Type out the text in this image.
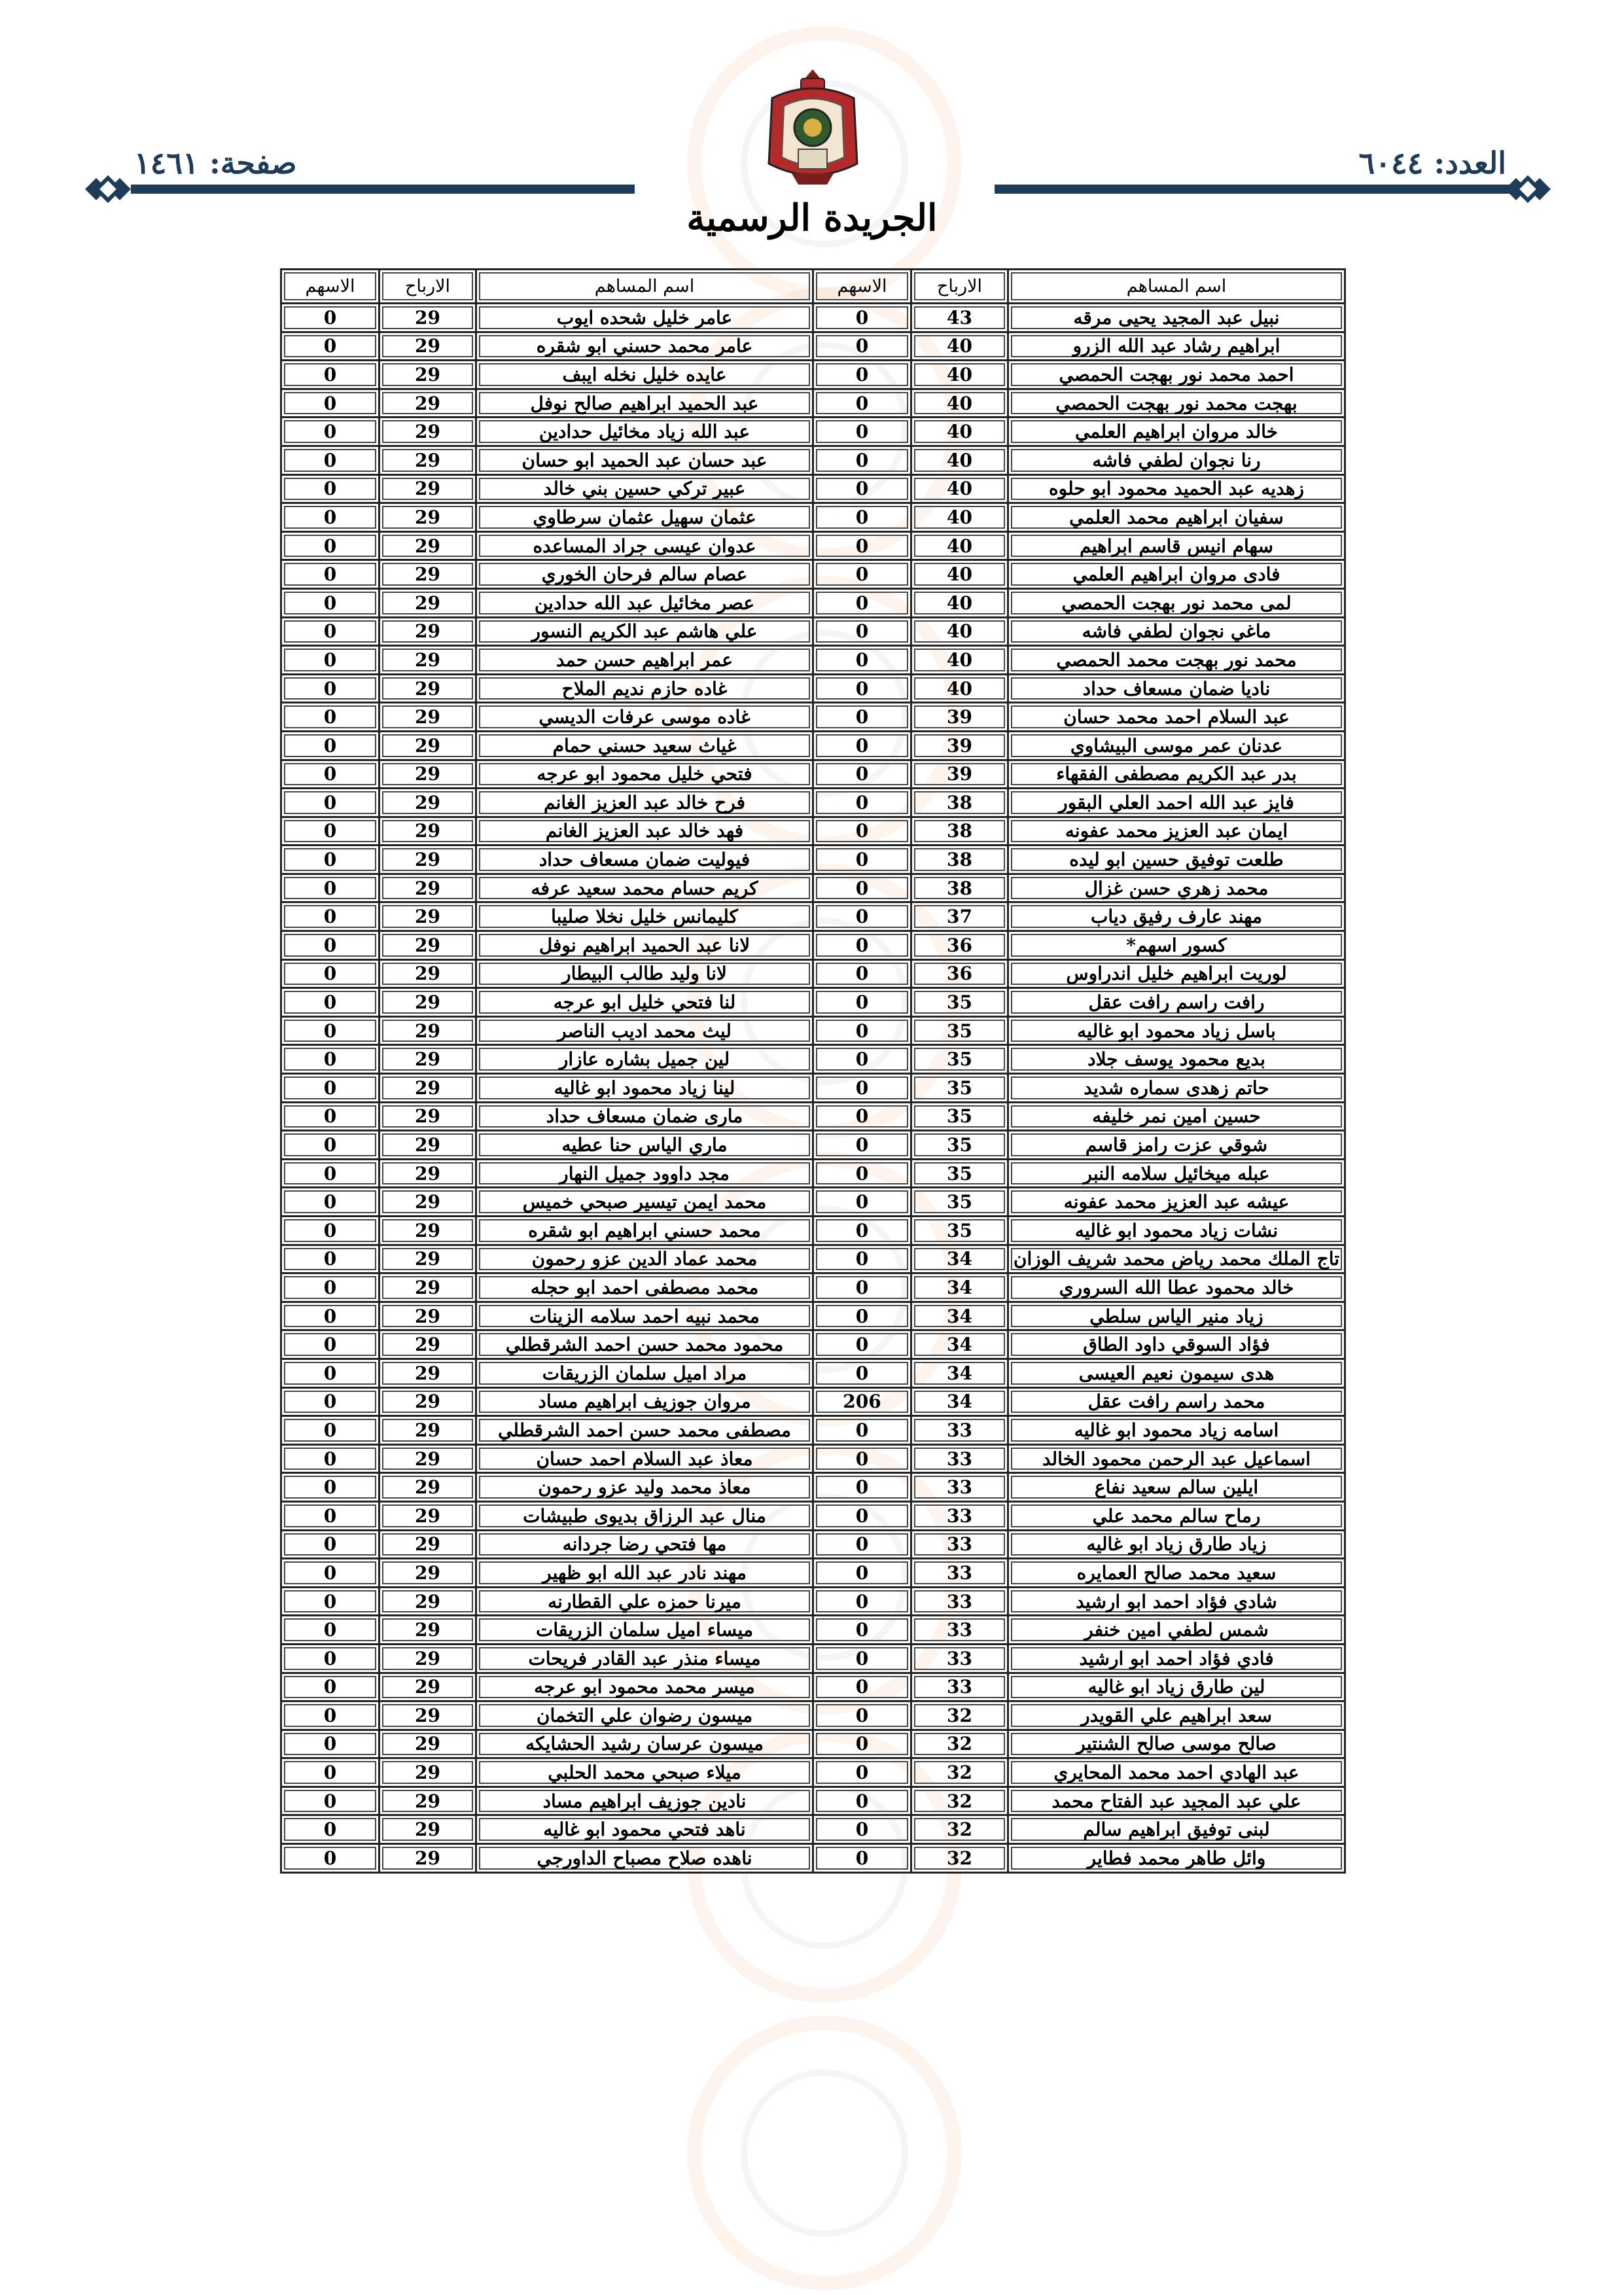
العدد: ٦٠٤٤
صفحة: ١٤٦١
الجريدة الرسمية
اسم المساهم	الارباح	الاسهم	اسم المساهم	الارباح	الاسهم
نبيل عبد المجيد يحيى مرقه	43	0	عامر خليل شحده ايوب	29	0
ابراهيم رشاد عبد الله الزرو	40	0	عامر محمد حسني ابو شقره	29	0
احمد محمد نور بهجت الحمصي	40	0	عايده خليل نخله ايبف	29	0
بهجت محمد نور بهجت الحمصي	40	0	عبد الحميد ابراهيم صالح نوفل	29	0
خالد مروان ابراهيم العلمي	40	0	عبد الله زياد مخائيل حدادين	29	0
رنا نجوان لطفي فاشه	40	0	عبد حسان عبد الحميد ابو حسان	29	0
زهديه عبد الحميد محمود ابو حلوه	40	0	عبير تركي حسين بني خالد	29	0
سفيان ابراهيم محمد العلمي	40	0	عثمان سهيل عثمان سرطاوي	29	0
سهام انيس قاسم ابراهيم	40	0	عدوان عيسى جراد المساعده	29	0
فادى مروان ابراهيم العلمي	40	0	عصام سالم فرحان الخوري	29	0
لمى محمد نور بهجت الحمصي	40	0	عصر مخائيل عبد الله حدادين	29	0
ماغي نجوان لطفي فاشه	40	0	علي هاشم عبد الكريم النسور	29	0
محمد نور بهجت محمد الحمصي	40	0	عمر ابراهيم حسن حمد	29	0
ناديا ضمان مسعاف حداد	40	0	غاده حازم نديم الملاح	29	0
عبد السلام احمد محمد حسان	39	0	غاده موسى عرفات الديسي	29	0
عدنان عمر موسى البيشاوي	39	0	غياث سعيد حسني حمام	29	0
بدر عبد الكريم مصطفى الفقهاء	39	0	فتحي خليل محمود ابو عرجه	29	0
فايز عبد الله احمد العلي البقور	38	0	فرح خالد عبد العزيز الغانم	29	0
ايمان عبد العزيز محمد عفونه	38	0	فهد خالد عبد العزيز الغانم	29	0
طلعت توفيق حسين ابو ليده	38	0	فيوليت ضمان مسعاف حداد	29	0
محمد زهري حسن غزال	38	0	كريم حسام محمد سعيد عرفه	29	0
مهند عارف رفيق دياب	37	0	كليمانس خليل نخلا صليبا	29	0
كسور اسهم*	36	0	لانا عبد الحميد ابراهيم نوفل	29	0
لوريت ابراهيم خليل اندراوس	36	0	لانا وليد طالب البيطار	29	0
رافت راسم رافت عقل	35	0	لنا فتحي خليل ابو عرجه	29	0
باسل زياد محمود ابو غاليه	35	0	ليث محمد اديب الناصر	29	0
بديع محمود يوسف جلاد	35	0	لين جميل بشاره عازار	29	0
حاتم زهدى سماره شديد	35	0	لينا زياد محمود ابو غاليه	29	0
حسين امين نمر خليفه	35	0	مارى ضمان مسعاف حداد	29	0
شوقي عزت رامز قاسم	35	0	ماري الياس حنا عطيه	29	0
عبله ميخائيل سلامه النبر	35	0	مجد داوود جميل النهار	29	0
عيشه عبد العزيز محمد عفونه	35	0	محمد ايمن تيسير صبحي خميس	29	0
نشات زياد محمود ابو غاليه	35	0	محمد حسني ابراهيم ابو شقره	29	0
تاج الملك محمد رياض محمد شريف الوزان	34	0	محمد عماد الدين عزو رحمون	29	0
خالد محمود عطا الله السروري	34	0	محمد مصطفى احمد ابو حجله	29	0
زياد منير الياس سلطي	34	0	محمد نبيه احمد سلامه الزينات	29	0
فؤاد السوقي داود الطاق	34	0	محمود محمد حسن احمد الشرقطلي	29	0
هدى سيمون نعيم العيسى	34	0	مراد اميل سلمان الزريقات	29	0
محمد راسم رافت عقل	34	206	مروان جوزيف ابراهيم مساد	29	0
اسامه زياد محمود ابو غاليه	33	0	مصطفى محمد حسن احمد الشرقطلي	29	0
اسماعيل عبد الرحمن محمود الخالد	33	0	معاذ عبد السلام احمد حسان	29	0
ايلين سالم سعيد نفاع	33	0	معاذ محمد وليد عزو رحمون	29	0
رماح سالم محمد علي	33	0	منال عبد الرزاق بديوى طبيشات	29	0
زياد طارق زياد ابو غاليه	33	0	مها فتحي رضا جردانه	29	0
سعيد محمد صالح العمايره	33	0	مهند نادر عبد الله ابو ظهير	29	0
شادي فؤاد احمد ابو ارشيد	33	0	ميرنا حمزه علي القطارنه	29	0
شمس لطفي امين خنفر	33	0	ميساء اميل سلمان الزريقات	29	0
فادي فؤاد احمد ابو ارشيد	33	0	ميساء منذر عبد القادر فريحات	29	0
لين طارق زياد ابو غاليه	33	0	ميسر محمد محمود ابو عرجه	29	0
سعد ابراهيم علي القويدر	32	0	ميسون رضوان علي التخمان	29	0
صالح موسى صالح الشنتير	32	0	ميسون عرسان رشيد الحشايكه	29	0
عبد الهادي احمد محمد المحايري	32	0	ميلاء صبحي محمد الحلبي	29	0
علي عبد المجيد عبد الفتاح محمد	32	0	نادين جوزيف ابراهيم مساد	29	0
لبنى توفيق ابراهيم سالم	32	0	ناهد فتحي محمود ابو غاليه	29	0
وائل طاهر محمد فطاير	32	0	ناهده صلاح مصباح الداورجي	29	0
